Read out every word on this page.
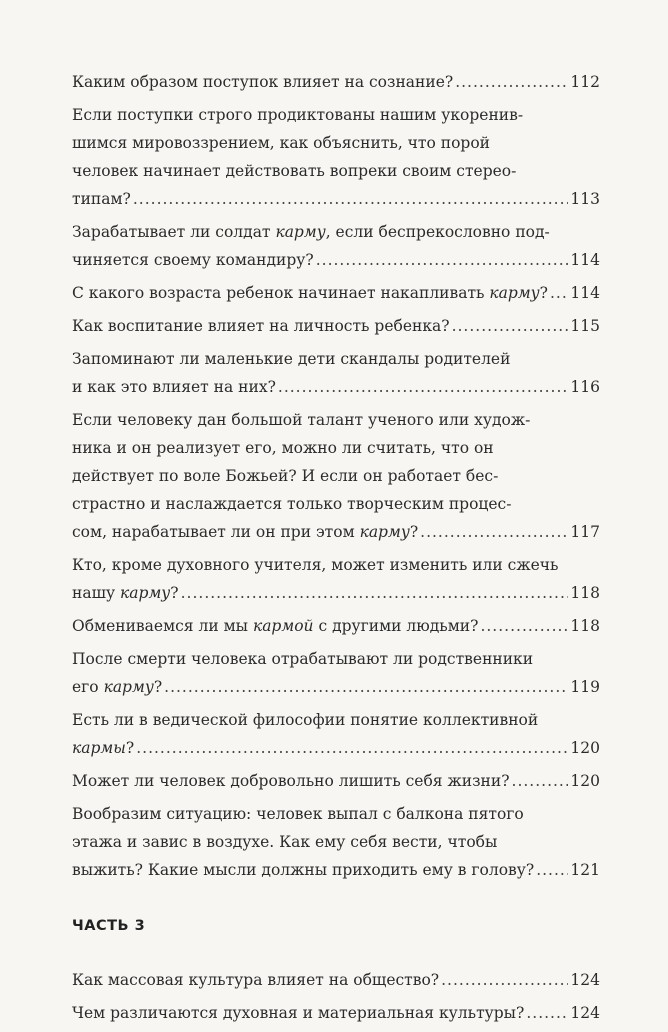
Каким образом поступок влияет на сознание? .....	112
Если поступки строго продиктованы нашим укоренив-
шимся мировоззрением, как объяснить, что порой
человек начинает действовать вопреки своим стерео-
типам? .....	113
Зарабатывает ли солдат карму, если беспрекословно под-
чиняется своему командиру? .....	114
С какого возраста ребенок начинает накапливать карму? ..... 114
Как воспитание влияет на личность ребенка? .....	115
Запоминают ли маленькие дети скандалы родителей
и как это влияет на них? .....	116
Если человеку дан большой талант ученого или худож-
ника и он реализует его, можно ли считать, что он
действует по воле Божьей? И если он работает бес-
страстно и наслаждается только творческим процес-
сом, нарабатывает ли он при этом карму? .....	117
Кто, кроме духовного учителя, может изменить или сжечь
нашу карму? .....	118
Обмениваемся ли мы кармой с другими людьми? .....	118
После смерти человека отрабатывают ли родственники
его карму? .....	119
Есть ли в ведической философии понятие коллективной
кармы? .....	120
Может ли человек добровольно лишить себя жизни? .....	120
Вообразим ситуацию: человек выпал с балкона пятого
этажа и завис в воздухе. Как ему себя вести, чтобы
выжить? Какие мысли должны приходить ему в голову? ..... 121
ЧАСТЬ 3
Как массовая культура влияет на общество? .....	124
Чем различаются духовная и материальная культуры? .....	124
